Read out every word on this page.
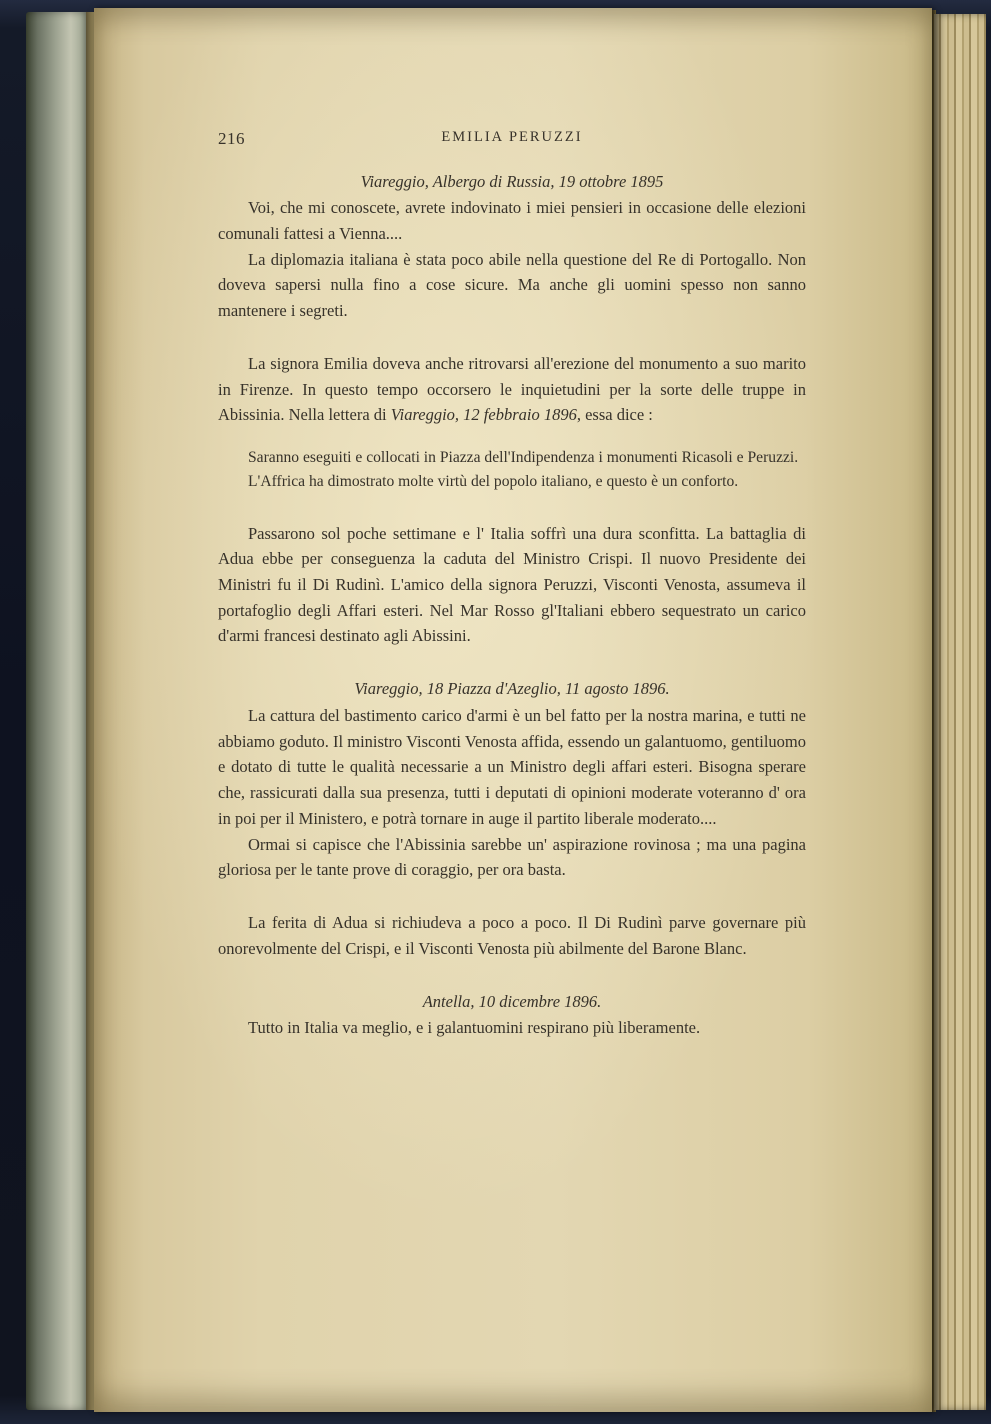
216	EMILIA PERUZZI
Viareggio, Albergo di Russia, 19 ottobre 1895
Voi, che mi conoscete, avrete indovinato i miei pensieri in occasione delle elezioni comunali fattesi a Vienna....
La diplomazia italiana è stata poco abile nella questione del Re di Portogallo. Non doveva sapersi nulla fino a cose sicure. Ma anche gli uomini spesso non sanno mantenere i segreti.
La signora Emilia doveva anche ritrovarsi all'erezione del monumento a suo marito in Firenze. In questo tempo occorsero le inquietudini per la sorte delle truppe in Abissinia. Nella lettera di Viareggio, 12 febbraio 1896, essa dice :
Saranno eseguiti e collocati in Piazza dell'Indipendenza i monumenti Ricasoli e Peruzzi.
L'Affrica ha dimostrato molte virtù del popolo italiano, e questo è un conforto.
Passarono sol poche settimane e l' Italia soffrì una dura sconfitta. La battaglia di Adua ebbe per conseguenza la caduta del Ministro Crispi. Il nuovo Presidente dei Ministri fu il Di Rudinì. L'amico della signora Peruzzi, Visconti Venosta, assumeva il portafoglio degli Affari esteri. Nel Mar Rosso gl'Italiani ebbero sequestrato un carico d'armi francesi destinato agli Abissini.
Viareggio, 18 Piazza d'Azeglio, 11 agosto 1896.
La cattura del bastimento carico d'armi è un bel fatto per la nostra marina, e tutti ne abbiamo goduto. Il ministro Visconti Venosta affida, essendo un galantuomo, gentiluomo e dotato di tutte le qualità necessarie a un Ministro degli affari esteri. Bisogna sperare che, rassicurati dalla sua presenza, tutti i deputati di opinioni moderate voteranno d' ora in poi per il Ministero, e potrà tornare in auge il partito liberale moderato....
Ormai si capisce che l'Abissinia sarebbe un' aspirazione rovinosa ; ma una pagina gloriosa per le tante prove di coraggio, per ora basta.
La ferita di Adua si richiudeva a poco a poco. Il Di Rudinì parve governare più onorevolmente del Crispi, e il Visconti Venosta più abilmente del Barone Blanc.
Antella, 10 dicembre 1896.
Tutto in Italia va meglio, e i galantuomini respirano più liberamente.
